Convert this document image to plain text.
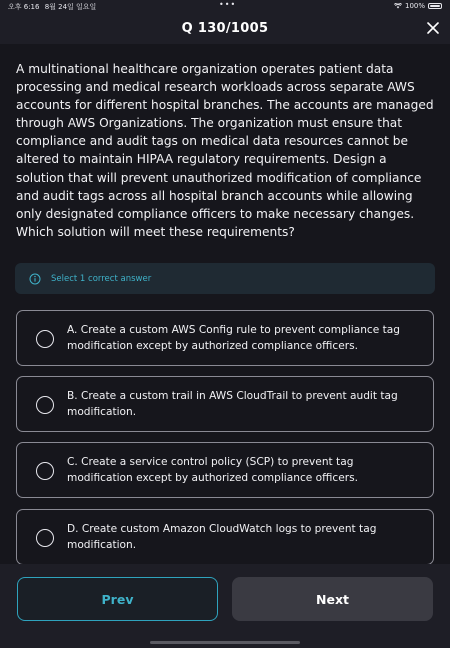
오후 6:16 8월 24일 일요일	•••	100%
Q 130/1005

A multinational healthcare organization operates patient data processing and medical research workloads across separate AWS accounts for different hospital branches. The accounts are managed through AWS Organizations. The organization must ensure that compliance and audit tags on medical data resources cannot be altered to maintain HIPAA regulatory requirements. Design a solution that will prevent unauthorized modification of compliance and audit tags across all hospital branch accounts while allowing only designated compliance officers to make necessary changes. Which solution will meet these requirements?

Select 1 correct answer
A. Create a custom AWS Config rule to prevent compliance tag modification except by authorized compliance officers.
B. Create a custom trail in AWS CloudTrail to prevent audit tag modification.
C. Create a service control policy (SCP) to prevent tag modification except by authorized compliance officers.
D. Create custom Amazon CloudWatch logs to prevent tag modification.
Prev	Next
